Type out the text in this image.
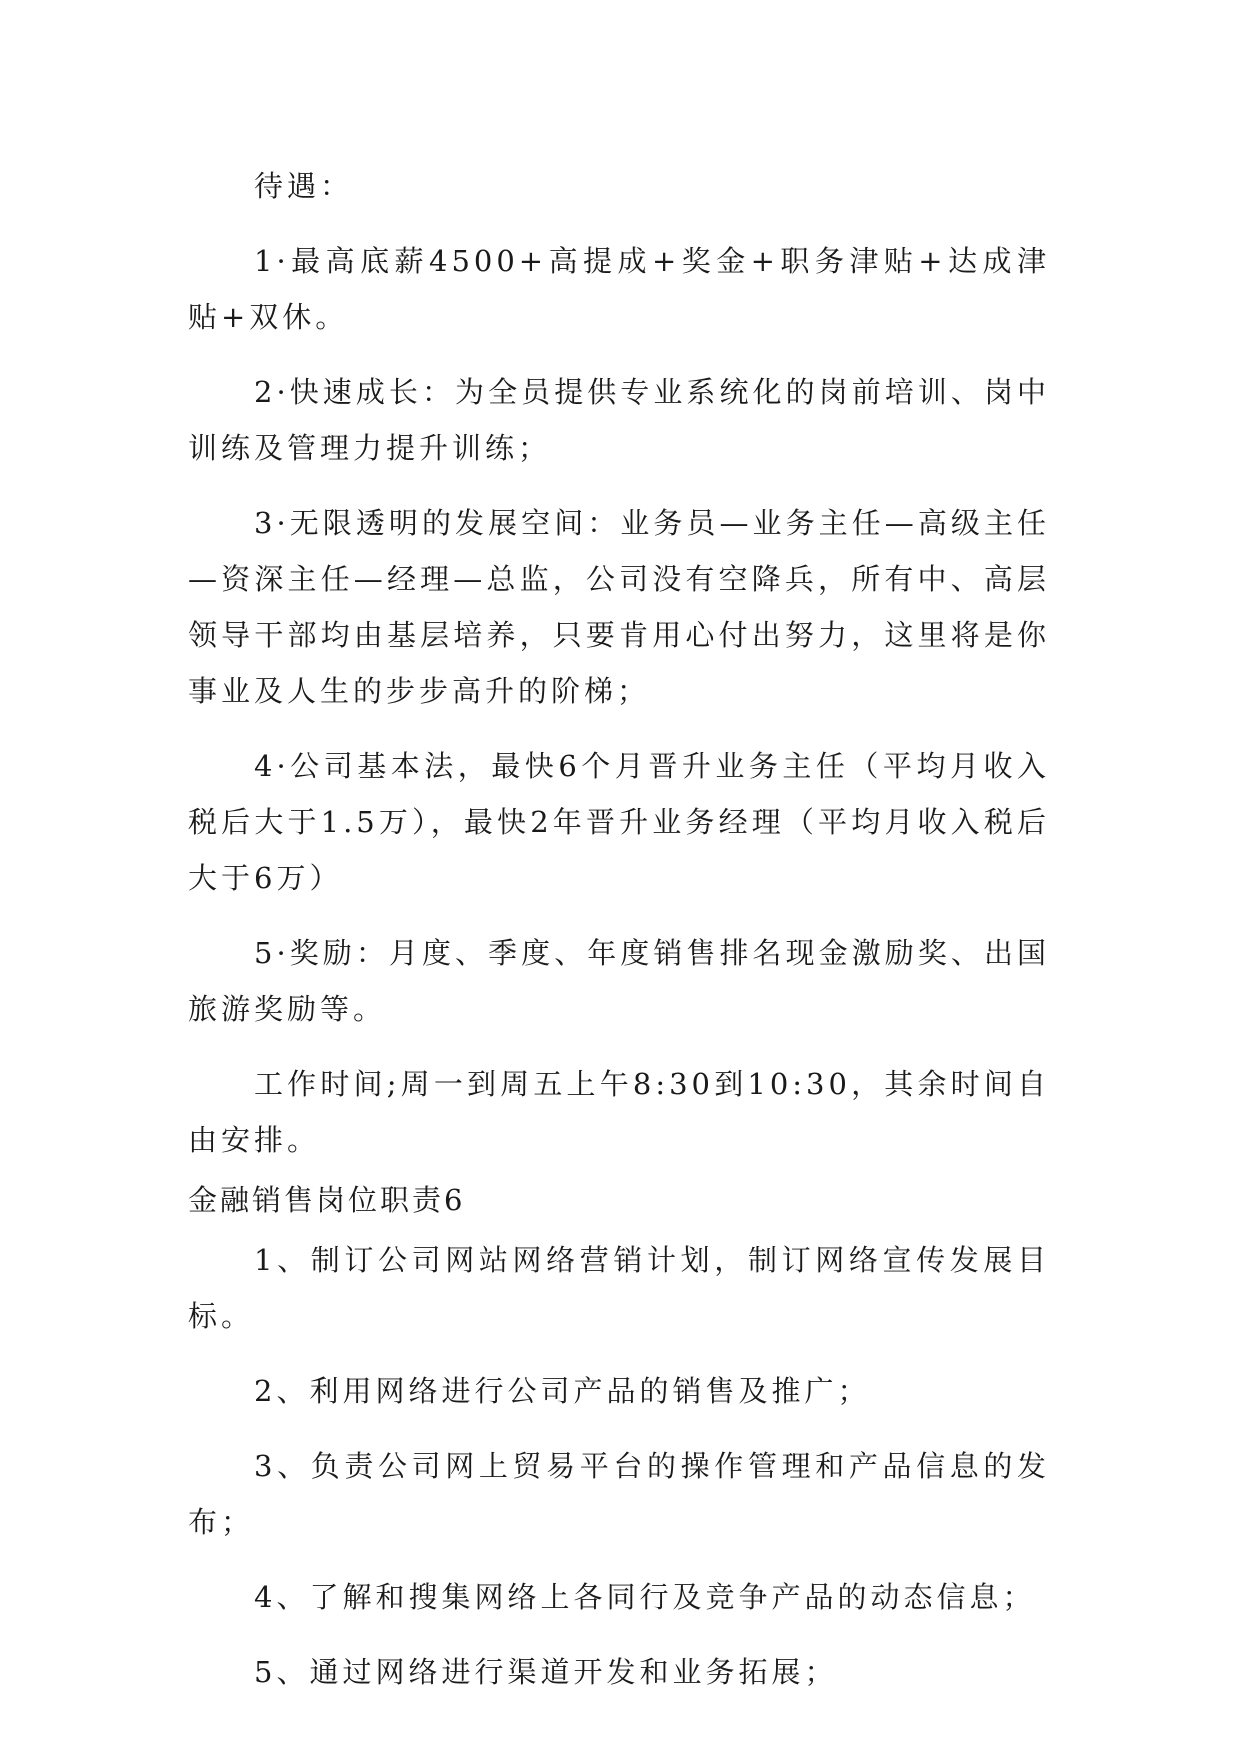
待遇：

1·最高底薪4500+高提成+奖金+职务津贴+达成津贴+双休。

2·快速成长：为全员提供专业系统化的岗前培训、岗中训练及管理力提升训练；

3·无限透明的发展空间：业务员—业务主任—高级主任—资深主任—经理—总监，公司没有空降兵，所有中、高层领导干部均由基层培养，只要肯用心付出努力，这里将是你事业及人生的步步高升的阶梯；

4·公司基本法，最快6个月晋升业务主任（平均月收入税后大于1.5万），最快2年晋升业务经理（平均月收入税后大于6万）

5·奖励：月度、季度、年度销售排名现金激励奖、出国旅游奖励等。

工作时间;周一到周五上午8:30到10:30，其余时间自由安排。

金融销售岗位职责6

1、制订公司网站网络营销计划，制订网络宣传发展目标。

2、利用网络进行公司产品的销售及推广；

3、负责公司网上贸易平台的操作管理和产品信息的发布；

4、了解和搜集网络上各同行及竞争产品的动态信息；

5、通过网络进行渠道开发和业务拓展；
